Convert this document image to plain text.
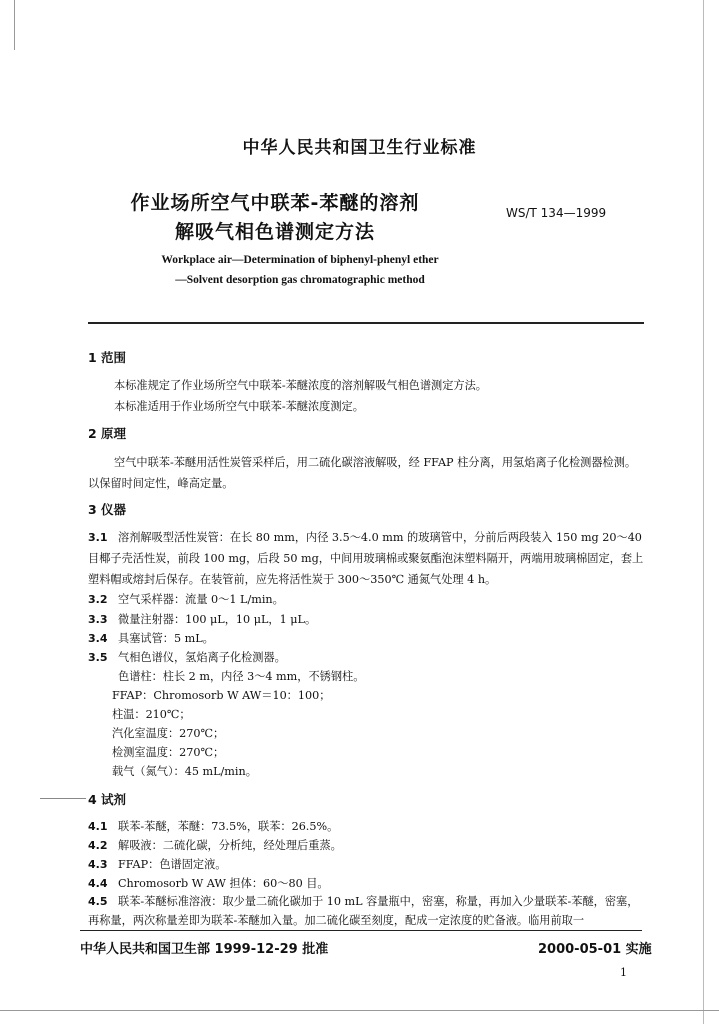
中华人民共和国卫生行业标准
作业场所空气中联苯-苯醚的溶剂
解吸气相色谱测定方法
WS/T 134—1999
Workplace air—Determination of biphenyl-phenyl ether
—Solvent desorption gas chromatographic method
1 范围

本标准规定了作业场所空气中联苯-苯醚浓度的溶剂解吸气相色谱测定方法。

本标准适用于作业场所空气中联苯-苯醚浓度测定。

2 原理

空气中联苯-苯醚用活性炭管采样后，用二硫化碳溶液解吸，经 FFAP 柱分离，用氢焰离子化检测器检测。以保留时间定性，峰高定量。

3 仪器
3.1 溶剂解吸型活性炭管：在长 80 mm，内径 3.5～4.0 mm 的玻璃管中，分前后两段装入 150 mg 20～40 目椰子壳活性炭，前段 100 mg，后段 50 mg，中间用玻璃棉或聚氨酯泡沫塑料隔开，两端用玻璃棉固定，套上塑料帽或熔封后保存。在装管前，应先将活性炭于 300～350℃ 通氮气处理 4 h。
3.2 空气采样器：流量 0～1 L/min。
3.3 微量注射器：100 μL，10 μL，1 μL。
3.4 具塞试管：5 mL。
3.5 气相色谱仪，氢焰离子化检测器。
色谱柱：柱长 2 m，内径 3～4 mm，不锈钢柱。
FFAP：Chromosorb W AW＝10：100；
柱温：210℃；
汽化室温度：270℃；
检测室温度：270℃；
载气（氮气）：45 mL/min。
4 试剂
4.1 联苯-苯醚，苯醚：73.5%，联苯：26.5%。
4.2 解吸液：二硫化碳，分析纯，经处理后重蒸。
4.3 FFAP：色谱固定液。
4.4 Chromosorb W AW 担体：60～80 目。
4.5 联苯-苯醚标准溶液：取少量二硫化碳加于 10 mL 容量瓶中，密塞，称量，再加入少量联苯-苯醚，密塞，再称量，两次称量差即为联苯-苯醚加入量。加二硫化碳至刻度，配成一定浓度的贮备液。临用前取一
中华人民共和国卫生部 1999-12-29 批准	2000-05-01 实施
1
